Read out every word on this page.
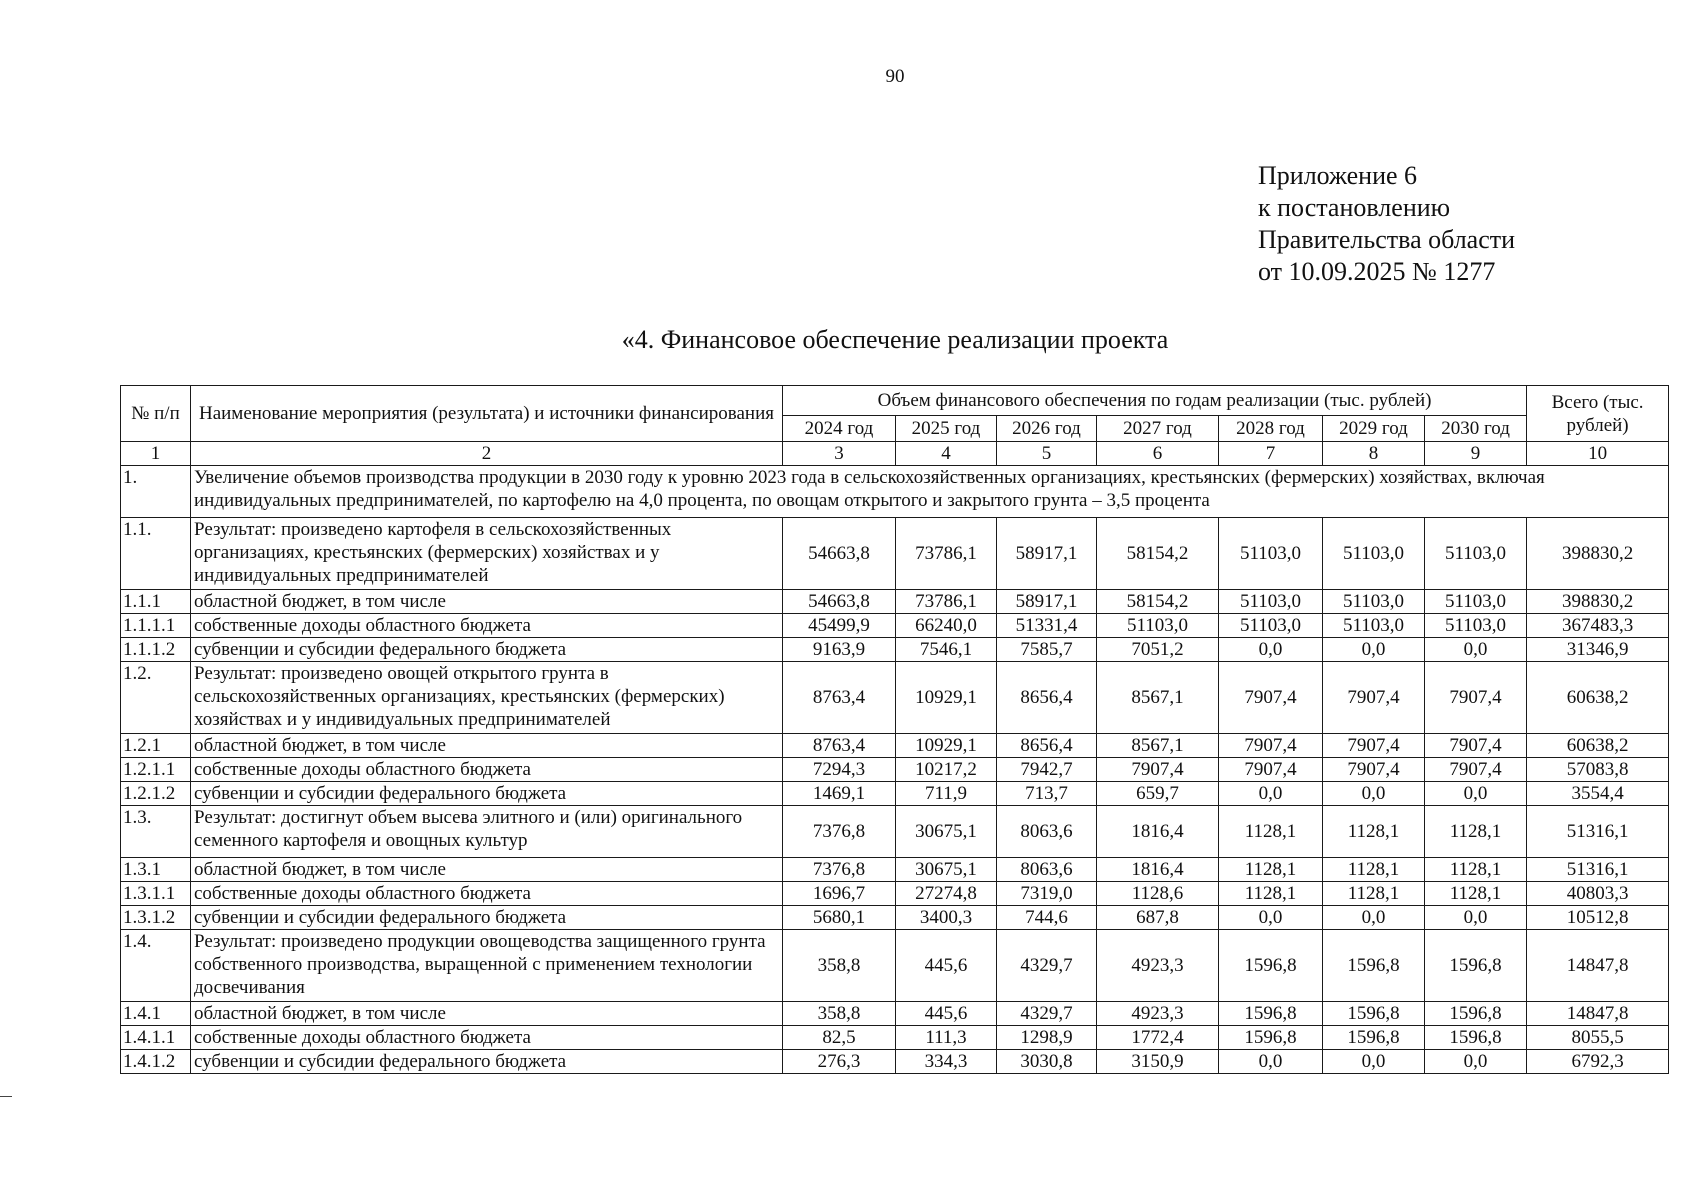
90
Приложение 6
к постановлению
Правительства области
от 10.09.2025 № 1277
«4. Финансовое обеспечение реализации проекта
№ п/п	Наименование мероприятия (результата) и источники финансирования	Объем финансового обеспечения по годам реализации (тыс. рублей)							Всего (тыс. рублей)
		2024 год	2025 год	2026 год	2027 год	2028 год	2029 год	2030 год	
1	2	3	4	5	6	7	8	9	10
1.	Увеличение объемов производства продукции в 2030 году к уровню 2023 года в сельскохозяйственных организациях, крестьянских (фермерских) хозяйствах, включая индивидуальных предпринимателей, по картофелю на 4,0 процента, по овощам открытого и закрытого грунта – 3,5 процента								
1.1.	Результат: произведено картофеля в сельскохозяйственных организациях, крестьянских (фермерских) хозяйствах и у индивидуальных предпринимателей	54663,8	73786,1	58917,1	58154,2	51103,0	51103,0	51103,0	398830,2
1.1.1	областной бюджет, в том числе	54663,8	73786,1	58917,1	58154,2	51103,0	51103,0	51103,0	398830,2
1.1.1.1	собственные доходы областного бюджета	45499,9	66240,0	51331,4	51103,0	51103,0	51103,0	51103,0	367483,3
1.1.1.2	субвенции и субсидии федерального бюджета	9163,9	7546,1	7585,7	7051,2	0,0	0,0	0,0	31346,9
1.2.	Результат: произведено овощей открытого грунта в сельскохозяйственных организациях, крестьянских (фермерских) хозяйствах и у индивидуальных предпринимателей	8763,4	10929,1	8656,4	8567,1	7907,4	7907,4	7907,4	60638,2
1.2.1	областной бюджет, в том числе	8763,4	10929,1	8656,4	8567,1	7907,4	7907,4	7907,4	60638,2
1.2.1.1	собственные доходы областного бюджета	7294,3	10217,2	7942,7	7907,4	7907,4	7907,4	7907,4	57083,8
1.2.1.2	субвенции и субсидии федерального бюджета	1469,1	711,9	713,7	659,7	0,0	0,0	0,0	3554,4
1.3.	Результат: достигнут объем высева элитного и (или) оригинального семенного картофеля и овощных культур	7376,8	30675,1	8063,6	1816,4	1128,1	1128,1	1128,1	51316,1
1.3.1	областной бюджет, в том числе	7376,8	30675,1	8063,6	1816,4	1128,1	1128,1	1128,1	51316,1
1.3.1.1	собственные доходы областного бюджета	1696,7	27274,8	7319,0	1128,6	1128,1	1128,1	1128,1	40803,3
1.3.1.2	субвенции и субсидии федерального бюджета	5680,1	3400,3	744,6	687,8	0,0	0,0	0,0	10512,8
1.4.	Результат: произведено продукции овощеводства защищенного грунта собственного производства, выращенной с применением технологии досвечивания	358,8	445,6	4329,7	4923,3	1596,8	1596,8	1596,8	14847,8
1.4.1	областной бюджет, в том числе	358,8	445,6	4329,7	4923,3	1596,8	1596,8	1596,8	14847,8
1.4.1.1	собственные доходы областного бюджета	82,5	111,3	1298,9	1772,4	1596,8	1596,8	1596,8	8055,5
1.4.1.2	субвенции и субсидии федерального бюджета	276,3	334,3	3030,8	3150,9	0,0	0,0	0,0	6792,3
